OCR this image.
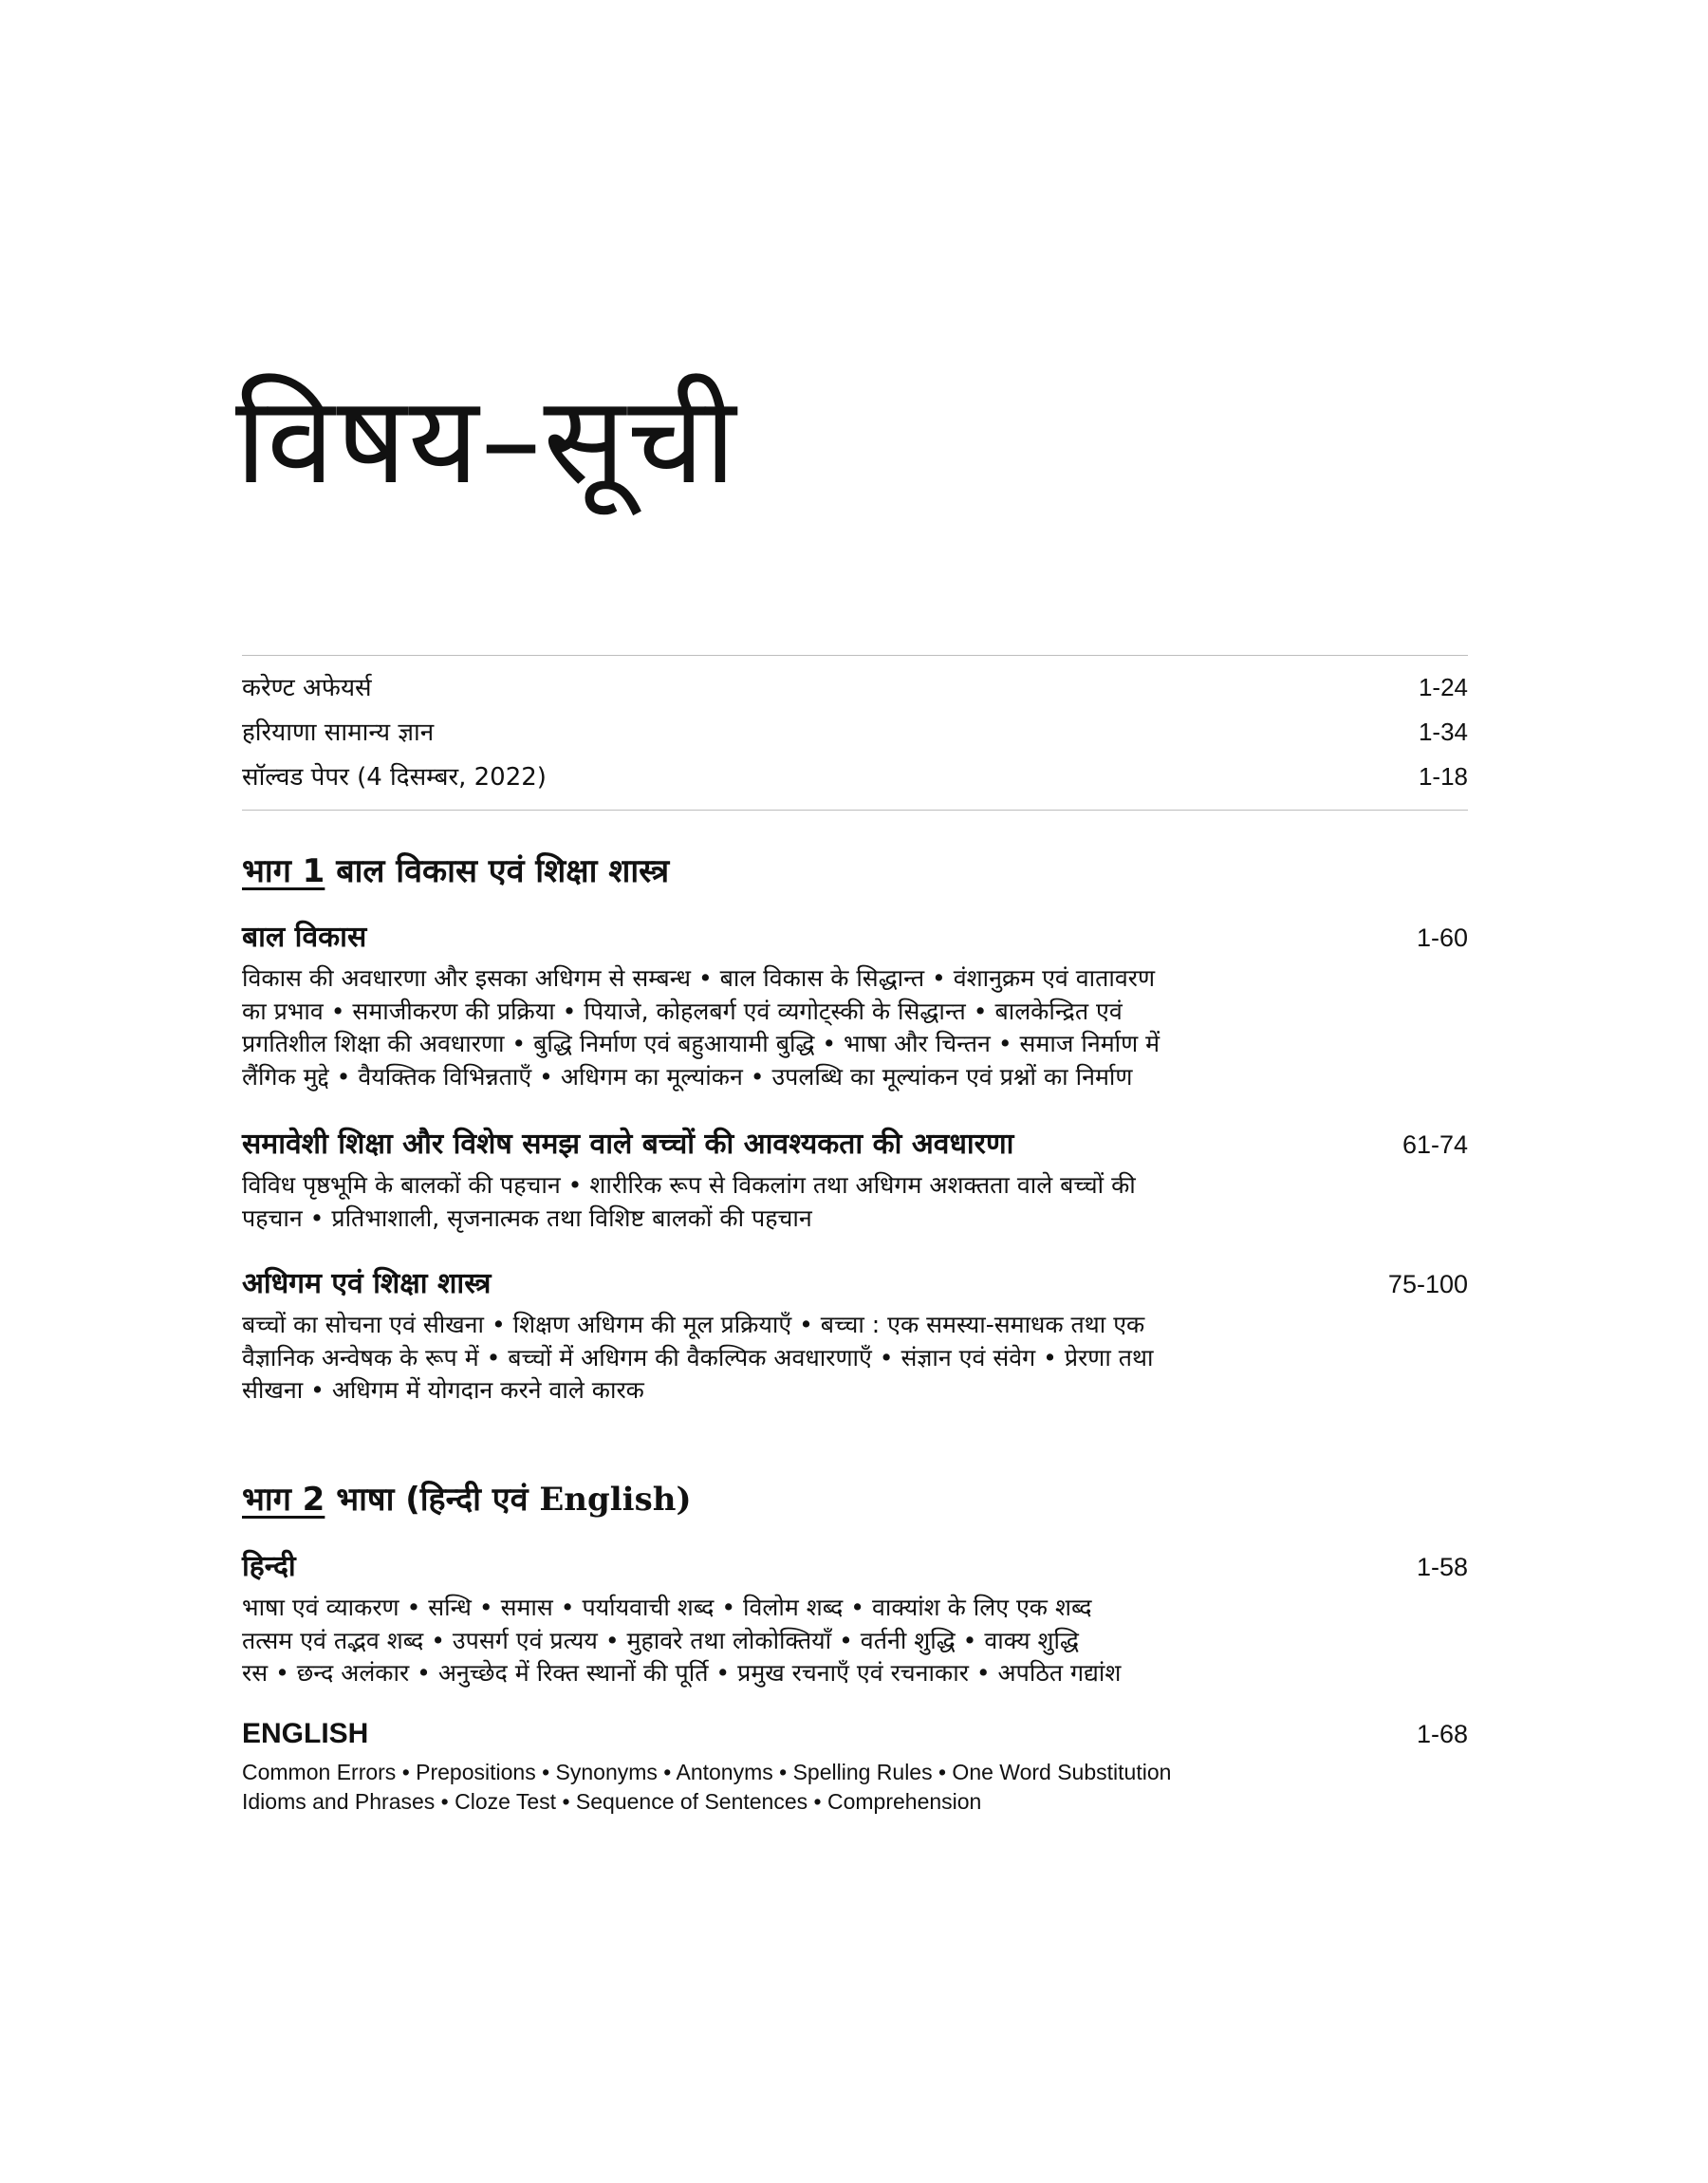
विषय–सूची
करेण्ट अफेयर्स	1-24
हरियाणा सामान्य ज्ञान	1-34
सॉल्वड पेपर (4 दिसम्बर, 2022)	1-18
भाग 1 बाल विकास एवं शिक्षा शास्त्र
बाल विकास	1-60
विकास की अवधारणा और इसका अधिगम से सम्बन्ध • बाल विकास के सिद्धान्त • वंशानुक्रम एवं वातावरण
का प्रभाव • समाजीकरण की प्रक्रिया • पियाजे, कोहलबर्ग एवं व्यगोट्स्की के सिद्धान्त • बालकेन्द्रित एवं
प्रगतिशील शिक्षा की अवधारणा • बुद्धि निर्माण एवं बहुआयामी बुद्धि • भाषा और चिन्तन • समाज निर्माण में
लैंगिक मुद्दे • वैयक्तिक विभिन्नताएँ • अधिगम का मूल्यांकन • उपलब्धि का मूल्यांकन एवं प्रश्नों का निर्माण
समावेशी शिक्षा और विशेष समझ वाले बच्चों की आवश्यकता की अवधारणा	61-74
विविध पृष्ठभूमि के बालकों की पहचान • शारीरिक रूप से विकलांग तथा अधिगम अशक्तता वाले बच्चों की
पहचान • प्रतिभाशाली, सृजनात्मक तथा विशिष्ट बालकों की पहचान
अधिगम एवं शिक्षा शास्त्र	75-100
बच्चों का सोचना एवं सीखना • शिक्षण अधिगम की मूल प्रक्रियाएँ • बच्चा : एक समस्या-समाधक तथा एक
वैज्ञानिक अन्वेषक के रूप में • बच्चों में अधिगम की वैकल्पिक अवधारणाएँ • संज्ञान एवं संवेग • प्रेरणा तथा
सीखना • अधिगम में योगदान करने वाले कारक
भाग 2 भाषा (हिन्दी एवं English)
हिन्दी	1-58
भाषा एवं व्याकरण • सन्धि • समास • पर्यायवाची शब्द • विलोम शब्द • वाक्यांश के लिए एक शब्द
तत्सम एवं तद्भव शब्द • उपसर्ग एवं प्रत्यय • मुहावरे तथा लोकोक्तियाँ • वर्तनी शुद्धि • वाक्य शुद्धि
रस • छन्द अलंकार • अनुच्छेद में रिक्त स्थानों की पूर्ति • प्रमुख रचनाएँ एवं रचनाकार • अपठित गद्यांश
ENGLISH	1-68
Common Errors • Prepositions • Synonyms • Antonyms • Spelling Rules • One Word Substitution
Idioms and Phrases • Cloze Test • Sequence of Sentences • Comprehension
